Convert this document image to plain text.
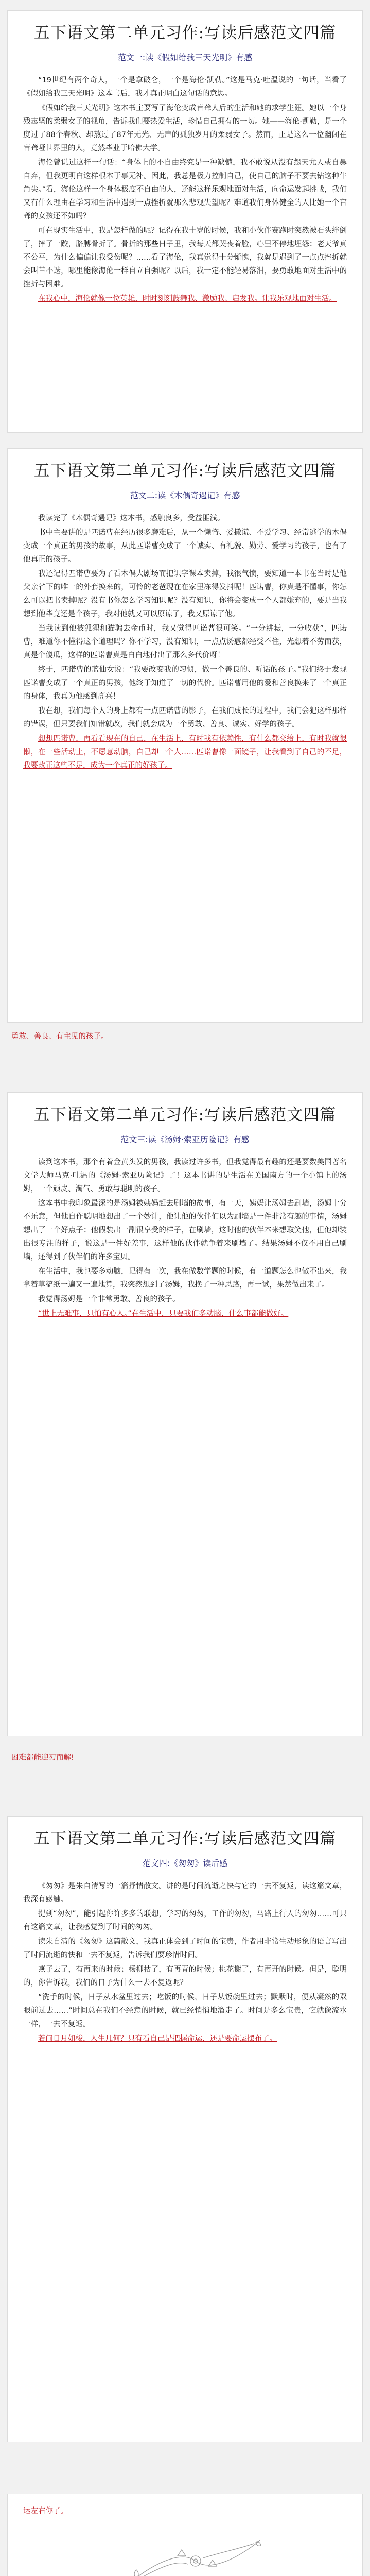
五下语文第二单元习作:写读后感范文四篇
范文一:读《假如给我三天光明》有感

“19世纪有两个奇人，一个是拿破仑，一个是海伦·凯勒。”这是马克·吐温说的一句话，当看了《假如给我三天光明》这本书后，我才真正明白这句话的意思。

《假如给我三天光明》这本书主要写了海伦变成盲聋人后的生活和她的求学生涯。她以一个身残志坚的柔弱女子的视角，告诉我们要热爱生活，珍惜自己拥有的一切。她——海伦·凯勒，是一个度过了88个春秋、却熬过了87年无光、无声的孤独岁月的柔弱女子。然而，正是这么一位幽闭在盲聋哑世界里的人，竟然毕业于哈佛大学。

海伦曾说过这样一句话：“身体上的不自由终究是一种缺憾，我不敢说从没有怨天尤人或自暴自弃，但我更明白这样根本于事无补。因此，我总是极力控制自己，使自己的脑子不要去钻这种牛角尖。”看，海伦这样一个身体极度不自由的人，还能这样乐观地面对生活，向命运发起挑战，我们又有什么理由在学习和生活中遇到一点挫折就那么悲观失望呢？难道我们身体健全的人比她一个盲聋的女孩还不如吗？

可在现实生活中，我是怎样做的呢？记得在我十岁的时候，我和小伙伴赛跑时突然被石头绊倒了，摔了一跤，胳膊骨折了。骨折的那些日子里，我每天都哭丧着脸，心里不停地埋怨：老天爷真不公平，为什么偏偏让我受伤呢？……看了海伦，我真觉得十分惭愧，我就是遇到了一点点挫折就会叫苦不迭，哪里能像海伦一样自立自强呢？以后，我一定不能轻易落泪，要勇敢地面对生活中的挫折与困难。

在我心中，海伦就像一位英雄，时时刻刻鼓舞我、激励我、启发我。让我乐观地面对生活。

五下语文第二单元习作:写读后感范文四篇
范文二:读《木偶奇遇记》有感

我读完了《木偶奇遇记》这本书，感触良多，受益匪浅。

书中主要讲的是匹诺曹在经历很多磨难后，从一个懒惰、爱撒谎、不爱学习、经常逃学的木偶变成一个真正的男孩的故事，从此匹诺曹变成了一个诚实、有礼貌、勤劳、爱学习的孩子，也有了他真正的孩子。

我还记得匹诺曹要为了看木偶大剧场而把识字课本卖掉，我很气愤，要知道一本书在当时是他父亲省下的唯一的外套换来的，可怜的老爸现在在家里冻得发抖呢！匹诺曹，你真是不懂事，你怎么可以把书卖掉呢？没有书你怎么学习知识呢？没有知识，你将会变成一个人都嫌弃的，要是当我想到他毕竟还是个孩子，我对他就又可以原谅了，我又原谅了他。

当我读到他被狐狸和猫骗去金币时，我又觉得匹诺曹很可笑。“一分耕耘，一分收获”，匹诺曹，难道你不懂得这个道理吗？你不学习，没有知识，一点点诱惑都经受不住，光想着不劳而获，真是个傻瓜，这样的匹诺曹真是白白地付出了那么多代价呀！

终于，匹诺曹的蓝仙女说：“我要改变我的习惯，做一个善良的、听话的孩子。”我们终于发现匹诺曹变成了一个真正的男孩，他终于知道了一切的代价。匹诺曹用他的爱和善良换来了一个真正的身体，我真为他感到高兴！

我在想，我们每个人的身上都有一点匹诺曹的影子，在我们成长的过程中，我们会犯这样那样的错误，但只要我们知错就改，我们就会成为一个勇敢、善良、诚实、好学的孩子。

想想匹诺曹，再看看现在的自己，在生活上，有时我有依赖性，有什么都交给上，有时我就很懒，在一些活动上，不愿意动脑，自己却一个人……匹诺曹像一面镜子，让我看到了自己的不足，我要改正这些不足，成为一个真正的好孩子。

勇敢、善良、有主见的孩子。
五下语文第二单元习作:写读后感范文四篇
范文三:读《汤姆·索亚历险记》有感

读到这本书，那个有着金黄头发的男孩，我读过许多书，但我觉得最有趣的还是要数美国著名文学大师马克·吐温的《汤姆·索亚历险记》了！这本书讲的是生活在美国南方的一个小镇上的汤姆，一个顽皮、淘气、勇敢与聪明的孩子。

这本书中我印象最深的是汤姆被姨妈赶去刷墙的故事，有一天，姨妈让汤姆去刷墙，汤姆十分不乐意，但他自作聪明地想出了一个妙计，他让他的伙伴们以为刷墙是一件非常有趣的事情，汤姆想出了一个好点子：他假装出一副很享受的样子，在刷墙，这时他的伙伴本来想取笑他，但他却装出很专注的样子，说这是一件好差事，这样他的伙伴就争着来刷墙了。结果汤姆不仅不用自己刷墙，还得到了伙伴们的许多宝贝。

在生活中，我也要多动脑，记得有一次，我在做数学题的时候，有一道题怎么也做不出来，我拿着草稿纸一遍又一遍地算，我突然想到了汤姆，我换了一种思路，再一试，果然做出来了。

我觉得汤姆是一个非常勇敢、善良的孩子。

“世上无难事，只怕有心人。”在生活中，只要我们多动脑，什么事都能做好。

困难都能迎刃而解!
五下语文第二单元习作:写读后感范文四篇
范文四:《匆匆》读后感

《匆匆》是朱自清写的一篇抒情散文。讲的是时间流逝之快与它的一去不复返，读这篇文章，我深有感触。

提到“匆匆”，能引起你许多多的联想，学习的匆匆，工作的匆匆，马路上行人的匆匆……可只有这篇文章，让我感觉到了时间的匆匆。

读朱自清的《匆匆》这篇散文，我真正体会到了时间的宝贵，作者用非常生动形象的语言写出了时间流逝的快和一去不复返，告诉我们要珍惜时间。

燕子去了，有再来的时候；杨柳枯了，有再青的时候；桃花谢了，有再开的时候。但是，聪明的，你告诉我，我们的日子为什么一去不复返呢？

“洗手的时候，日子从水盆里过去；吃饭的时候，日子从饭碗里过去；默默时，便从凝然的双眼前过去……”时间总在我们不经意的时候，就已经悄悄地溜走了。时间是多么宝贵，它就像流水一样，一去不复返。

若问日月如梭，人生几何？只有看自己是把握命运，还是要命运摆布了。

运左右你了。
